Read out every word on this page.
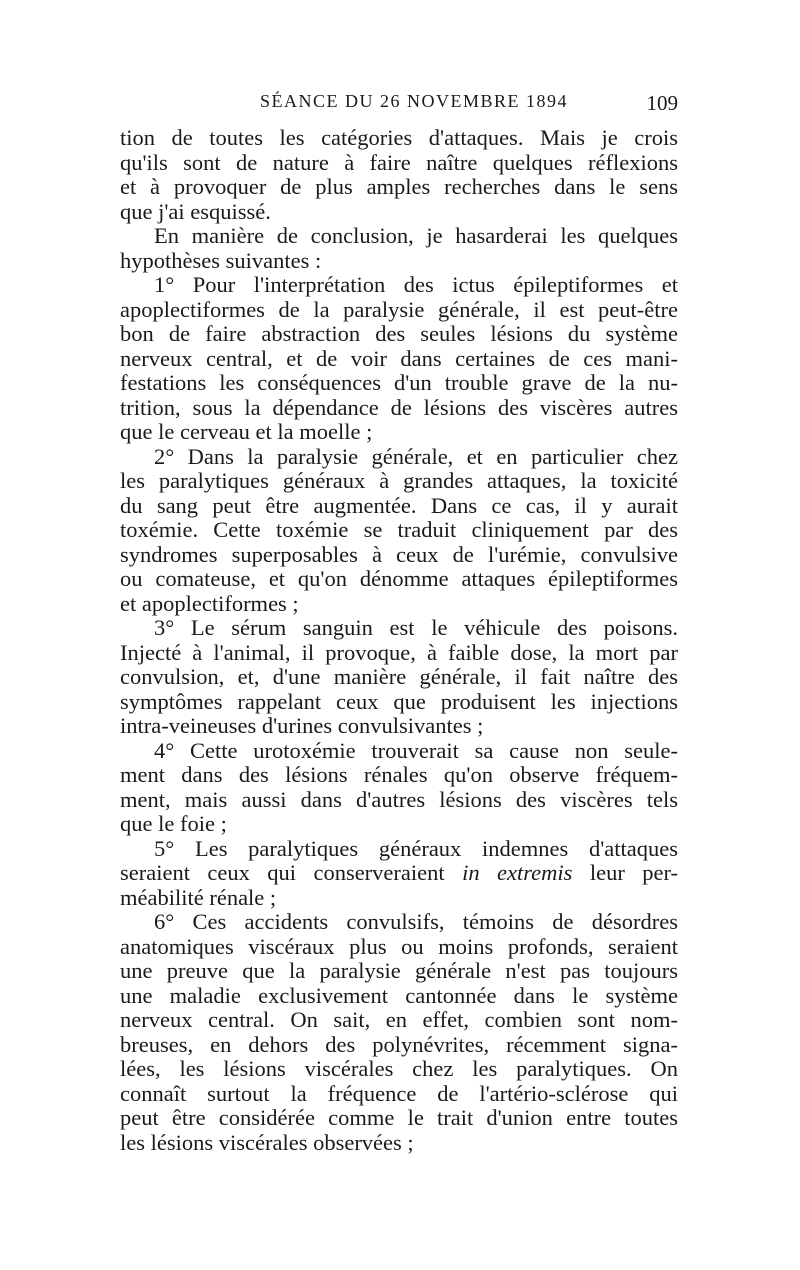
SÉANCE DU 26 NOVEMBRE 1894	109
tion de toutes les catégories d'attaques. Mais je crois
qu'ils sont de nature à faire naître quelques réflexions
et à provoquer de plus amples recherches dans le sens
que j'ai esquissé.
En manière de conclusion, je hasarderai les quelques
hypothèses suivantes :
1° Pour l'interprétation des ictus épileptiformes et
apoplectiformes de la paralysie générale, il est peut-être
bon de faire abstraction des seules lésions du système
nerveux central, et de voir dans certaines de ces mani-
festations les conséquences d'un trouble grave de la nu-
trition, sous la dépendance de lésions des viscères autres
que le cerveau et la moelle ;
2° Dans la paralysie générale, et en particulier chez
les paralytiques généraux à grandes attaques, la toxicité
du sang peut être augmentée. Dans ce cas, il y aurait
toxémie. Cette toxémie se traduit cliniquement par des
syndromes superposables à ceux de l'urémie, convulsive
ou comateuse, et qu'on dénomme attaques épileptiformes
et apoplectiformes ;
3° Le sérum sanguin est le véhicule des poisons.
Injecté à l'animal, il provoque, à faible dose, la mort par
convulsion, et, d'une manière générale, il fait naître des
symptômes rappelant ceux que produisent les injections
intra-veineuses d'urines convulsivantes ;
4° Cette urotoxémie trouverait sa cause non seule-
ment dans des lésions rénales qu'on observe fréquem-
ment, mais aussi dans d'autres lésions des viscères tels
que le foie ;
5° Les paralytiques généraux indemnes d'attaques
seraient ceux qui conserveraient in extremis leur per-
méabilité rénale ;
6° Ces accidents convulsifs, témoins de désordres
anatomiques viscéraux plus ou moins profonds, seraient
une preuve que la paralysie générale n'est pas toujours
une maladie exclusivement cantonnée dans le système
nerveux central. On sait, en effet, combien sont nom-
breuses, en dehors des polynévrites, récemment signa-
lées, les lésions viscérales chez les paralytiques. On
connaît surtout la fréquence de l'artério-sclérose qui
peut être considérée comme le trait d'union entre toutes
les lésions viscérales observées ;
